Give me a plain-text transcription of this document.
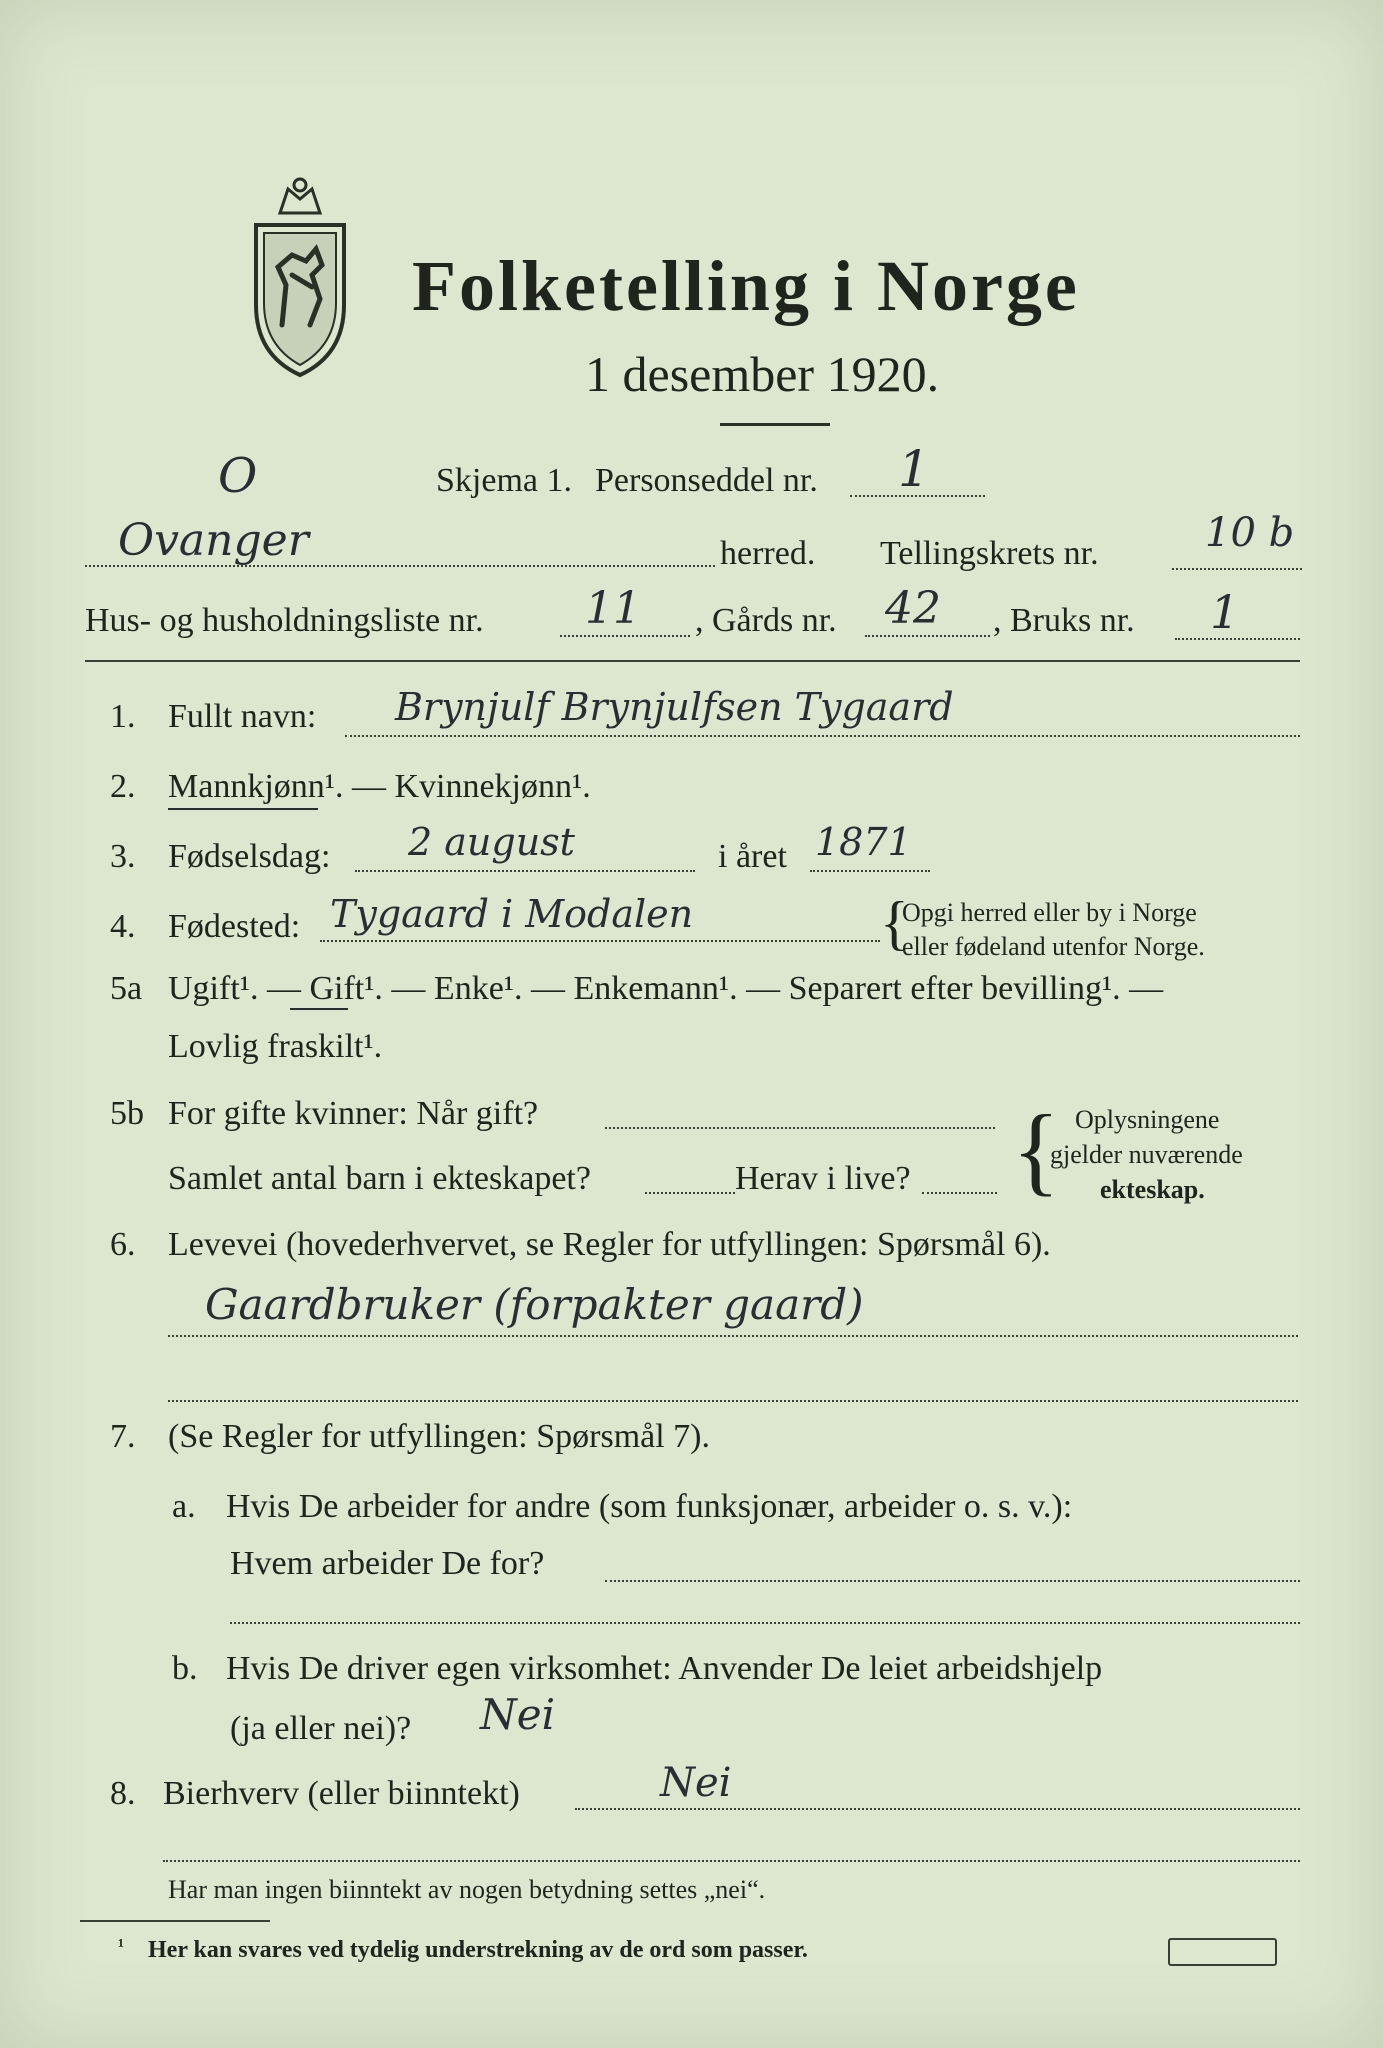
Folketelling i Norge
1 desember 1920.
O	Skjema 1. Personseddel nr. 1
Ovanger	herred. Tellingskrets nr.	10 b
Hus- og husholdningsliste nr. 11 , Gårds nr. 42 , Bruks nr. 1
1. Fullt navn: Brynjulf Brynjulfsen Tygaard
2. Mannkjønn¹. — Kvinnekjønn¹.
3. Fødselsdag: 2 august	i året 1871
4. Fødested: Tygaard i Modalen	{
Opgi herred eller by i Norge
eller fødeland utenfor Norge.
5a Ugift¹. — Gift¹. — Enke¹. — Enkemann¹. — Separert efter bevilling¹. —
Lovlig fraskilt¹.
5b For gifte kvinner: Når gift?
Samlet antal barn i ekteskapet?	Herav i live? { Oplysningene
gjelder nuværende
ekteskap.
6. Levevei (hovederhvervet, se Regler for utfyllingen: Spørsmål 6).
Gaardbruker (forpakter gaard)
7. (Se Regler for utfyllingen: Spørsmål 7).
a. Hvis De arbeider for andre (som funksjonær, arbeider o. s. v.):
Hvem arbeider De for?
b. Hvis De driver egen virksomhet: Anvender De leiet arbeidshjelp
(ja eller nei)? Nei
8. Bierhverv (eller biinntekt)	Nei
Har man ingen biinntekt av nogen betydning settes „nei“.
¹ Her kan svares ved tydelig understrekning av de ord som passer.
